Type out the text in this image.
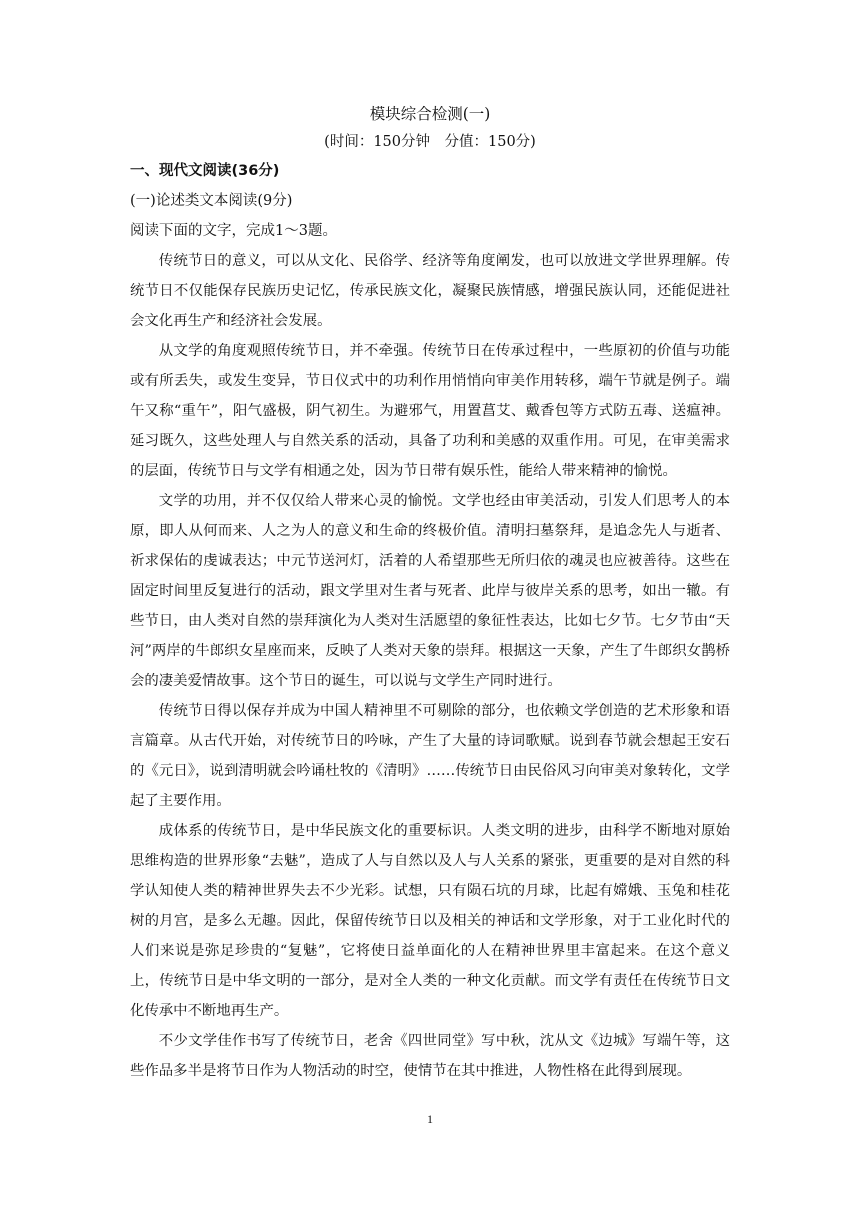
模块综合检测(一)

(时间：150分钟　分值：150分)

一、现代文阅读(36分)

(一)论述类文本阅读(9分)

阅读下面的文字，完成1～3题。

传统节日的意义，可以从文化、民俗学、经济等角度阐发，也可以放进文学世界理解。传统节日不仅能保存民族历史记忆，传承民族文化，凝聚民族情感，增强民族认同，还能促进社会文化再生产和经济社会发展。

从文学的角度观照传统节日，并不牵强。传统节日在传承过程中，一些原初的价值与功能或有所丢失，或发生变异，节日仪式中的功利作用悄悄向审美作用转移，端午节就是例子。端午又称“重午”，阳气盛极，阴气初生。为避邪气，用置菖艾、戴香包等方式防五毒、送瘟神。延习既久，这些处理人与自然关系的活动，具备了功利和美感的双重作用。可见，在审美需求的层面，传统节日与文学有相通之处，因为节日带有娱乐性，能给人带来精神的愉悦。

文学的功用，并不仅仅给人带来心灵的愉悦。文学也经由审美活动，引发人们思考人的本原，即人从何而来、人之为人的意义和生命的终极价值。清明扫墓祭拜，是追念先人与逝者、祈求保佑的虔诚表达；中元节送河灯，活着的人希望那些无所归依的魂灵也应被善待。这些在固定时间里反复进行的活动，跟文学里对生者与死者、此岸与彼岸关系的思考，如出一辙。有些节日，由人类对自然的崇拜演化为人类对生活愿望的象征性表达，比如七夕节。七夕节由“天河”两岸的牛郎织女星座而来，反映了人类对天象的崇拜。根据这一天象，产生了牛郎织女鹊桥会的凄美爱情故事。这个节日的诞生，可以说与文学生产同时进行。

传统节日得以保存并成为中国人精神里不可剔除的部分，也依赖文学创造的艺术形象和语言篇章。从古代开始，对传统节日的吟咏，产生了大量的诗词歌赋。说到春节就会想起王安石的《元日》，说到清明就会吟诵杜牧的《清明》……传统节日由民俗风习向审美对象转化，文学起了主要作用。

成体系的传统节日，是中华民族文化的重要标识。人类文明的进步，由科学不断地对原始思维构造的世界形象“去魅”，造成了人与自然以及人与人关系的紧张，更重要的是对自然的科学认知使人类的精神世界失去不少光彩。试想，只有陨石坑的月球，比起有嫦娥、玉兔和桂花树的月宫，是多么无趣。因此，保留传统节日以及相关的神话和文学形象，对于工业化时代的人们来说是弥足珍贵的“复魅”，它将使日益单面化的人在精神世界里丰富起来。在这个意义上，传统节日是中华文明的一部分，是对全人类的一种文化贡献。而文学有责任在传统节日文化传承中不断地再生产。

不少文学佳作书写了传统节日，老舍《四世同堂》写中秋，沈从文《边城》写端午等，这些作品多半是将节日作为人物活动的时空，使情节在其中推进，人物性格在此得到展现。

1
